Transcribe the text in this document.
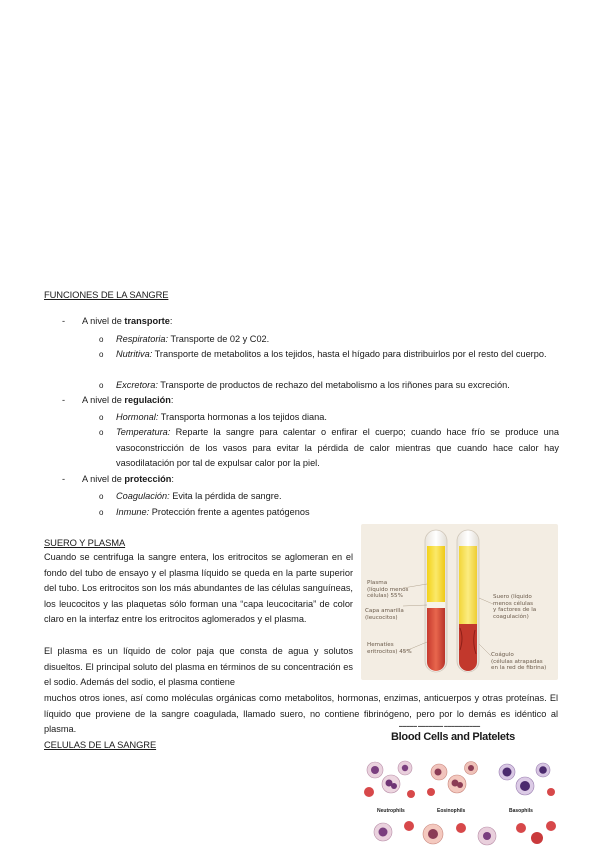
FUNCIONES DE LA SANGRE
- A nivel de transporte:
o Respiratoria: Transporte de 02 y C02.
o Nutritiva: Transporte de metabolitos a los tejidos, hasta el hígado para distribuirlos por el resto del cuerpo.
o Excretora: Transporte de productos de rechazo del metabolismo a los riñones para su excreción.
- A nivel de regulación:
o Hormonal: Transporta hormonas a los tejidos diana.
o Temperatura: Reparte la sangre para calentar o enfirar el cuerpo; cuando hace frío se produce una vasoconstricción de los vasos para evitar la pérdida de calor mientras que cuando hace calor hay vasodilatación por tal de expulsar calor por la piel.
- A nivel de protección:
o Coagulación: Evita la pérdida de sangre.
o Inmune: Protección frente a agentes patógenos
SUERO Y PLASMA
Cuando se centrifuga la sangre entera, los eritrocitos se aglomeran en el fondo del tubo de ensayo y el plasma líquido se queda en la parte superior del tubo. Los eritrocitos son los más abundantes de las células sanguíneas, los leucocitos y las plaquetas sólo forman una “capa leucocitaria” de color claro en la interfaz entre los eritrocitos aglomerados y el plasma.
El plasma es un líquido de color paja que consta de agua y solutos disueltos. El principal soluto del plasma en términos de su concentración es el sodio. Además del sodio, el plasma contiene
muchos otros iones, así como moléculas orgánicas como metabolitos, hormonas, enzimas, anticuerpos y otras proteínas. El líquido que proviene de la sangre coagulada, llamado suero, no contiene fibrinógeno, pero por lo demás es idéntico al plasma.
CELULAS DE LA SANGRE
Plasma
(líquido menos
células) 55%
Capa amarilla
(leucocitos)
Hematíes
eritrocitos) 45%
Suero (líquido
menos células
y factores de la
coagulación)
Coágulo
(células atrapadas
en la red de fibrina)
▬▬▬▬▬ ▬▬▬▬▬▬▬ ▬▬▬▬▬▬▬▬▬▬
Blood Cells and Platelets
Neutrophils	Eosinophils	Basophils
